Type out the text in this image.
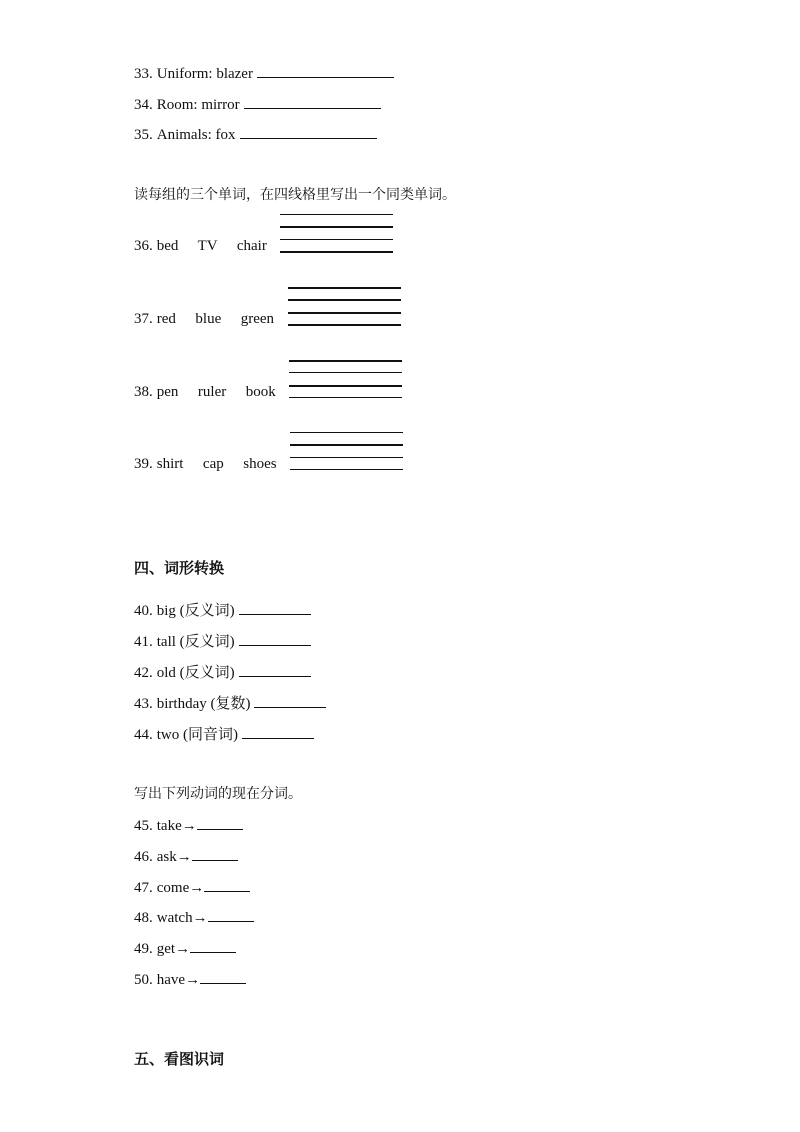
33. Uniform: blazer
34. Room: mirror
35. Animals: fox
读每组的三个单词，在四线格里写出一个同类单词。
36. bed  TV  chair
37. red  blue  green
38. pen  ruler  book
39. shirt  cap  shoes
四、词形转换
40. big (反义词)
41. tall (反义词)
42. old (反义词)
43. birthday (复数)
44. two (同音词)
写出下列动词的现在分词。
45. take→
46. ask→
47. come→
48. watch→
49. get→
50. have→
五、看图识词
